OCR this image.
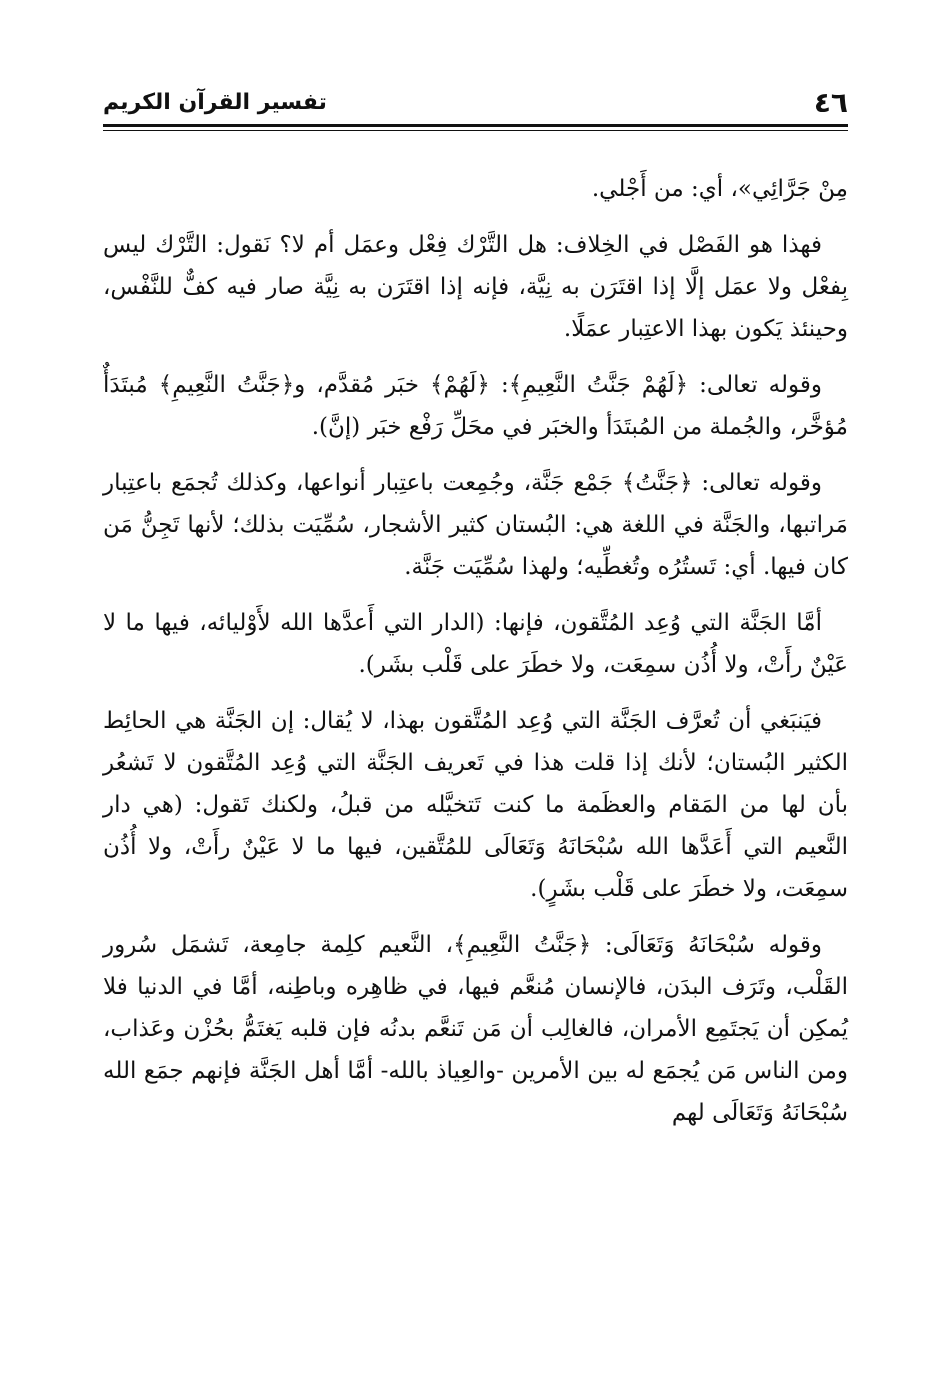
تفسير القرآن الكريم	٤٦

مِنْ جَرَّائِي»، أي: من أَجْلي.

فهذا هو الفَصْل في الخِلاف: هل التَّرْك فِعْل وعمَل أم لا؟ نَقول: التَّرْك ليس بِفعْل ولا عمَل إلَّا إذا اقتَرَن به نِيَّة، فإنه إذا اقتَرَن به نِيَّة صار فيه كفٌّ للنَّفْس، وحينئذ يَكون بهذا الاعتِبار عمَلًا.

وقوله تعالى: ﴿لَهُمْ جَنَّتُ النَّعِيمِ﴾: ﴿لَهُمْ﴾ خبَر مُقدَّم، و﴿جَنَّتُ النَّعِيمِ﴾ مُبتَدَأٌ مُؤخَّر، والجُملة من المُبتَدَأ والخبَر في محَلِّ رَفْع خبَر (إنَّ).

وقوله تعالى: ﴿جَنَّتُ﴾ جَمْع جَنَّة، وجُمِعت باعتِبار أنواعها، وكذلك تُجمَع باعتِبار مَراتبها، والجَنَّة في اللغة هي: البُستان كثير الأشجار، سُمِّيَت بذلك؛ لأنها تَجِنُّ مَن كان فيها. أي: تَستُرُه وتُغطِّيه؛ ولهذا سُمِّيَت جَنَّة.

أمَّا الجَنَّة التي وُعِد المُتَّقون، فإنها: (الدار التي أَعدَّها الله لأَوْليائه، فيها ما لا عَيْنٌ رأَتْ، ولا أُذُن سمِعَت، ولا خطَرَ على قَلْب بشَر).

فيَنبَغي أن تُعرَّف الجَنَّة التي وُعِد المُتَّقون بهذا، لا يُقال: إن الجَنَّة هي الحائِط الكثير البُستان؛ لأنك إذا قلت هذا في تَعريف الجَنَّة التي وُعِد المُتَّقون لا تَشعُر بأن لها من المَقام والعظَمة ما كنت تَتخيَّله من قبلُ، ولكنك تَقول: (هي دار النَّعيم التي أَعَدَّها الله سُبْحَانَهُ وَتَعَالَى للمُتَّقين، فيها ما لا عَيْنٌ رأَتْ، ولا أُذُن سمِعَت، ولا خطَرَ على قَلْب بشَرٍ).

وقوله سُبْحَانَهُ وَتَعَالَى: ﴿جَنَّتُ النَّعِيمِ﴾، النَّعيم كلِمة جامِعة، تَشمَل سُرور القَلْب، وتَرَف البدَن، فالإنسان مُنعَّم فيها، في ظاهِره وباطِنه، أمَّا في الدنيا فلا يُمكِن أن يَجتَمِع الأمران، فالغالِب أن مَن تَنعَّم بدنُه فإن قلبه يَغتَمُّ بحُزْن وعَذاب، ومن الناس مَن يُجمَع له بين الأمرين -والعِياذ بالله- أمَّا أهل الجَنَّة فإنهم جمَع الله سُبْحَانَهُ وَتَعَالَى لهم
